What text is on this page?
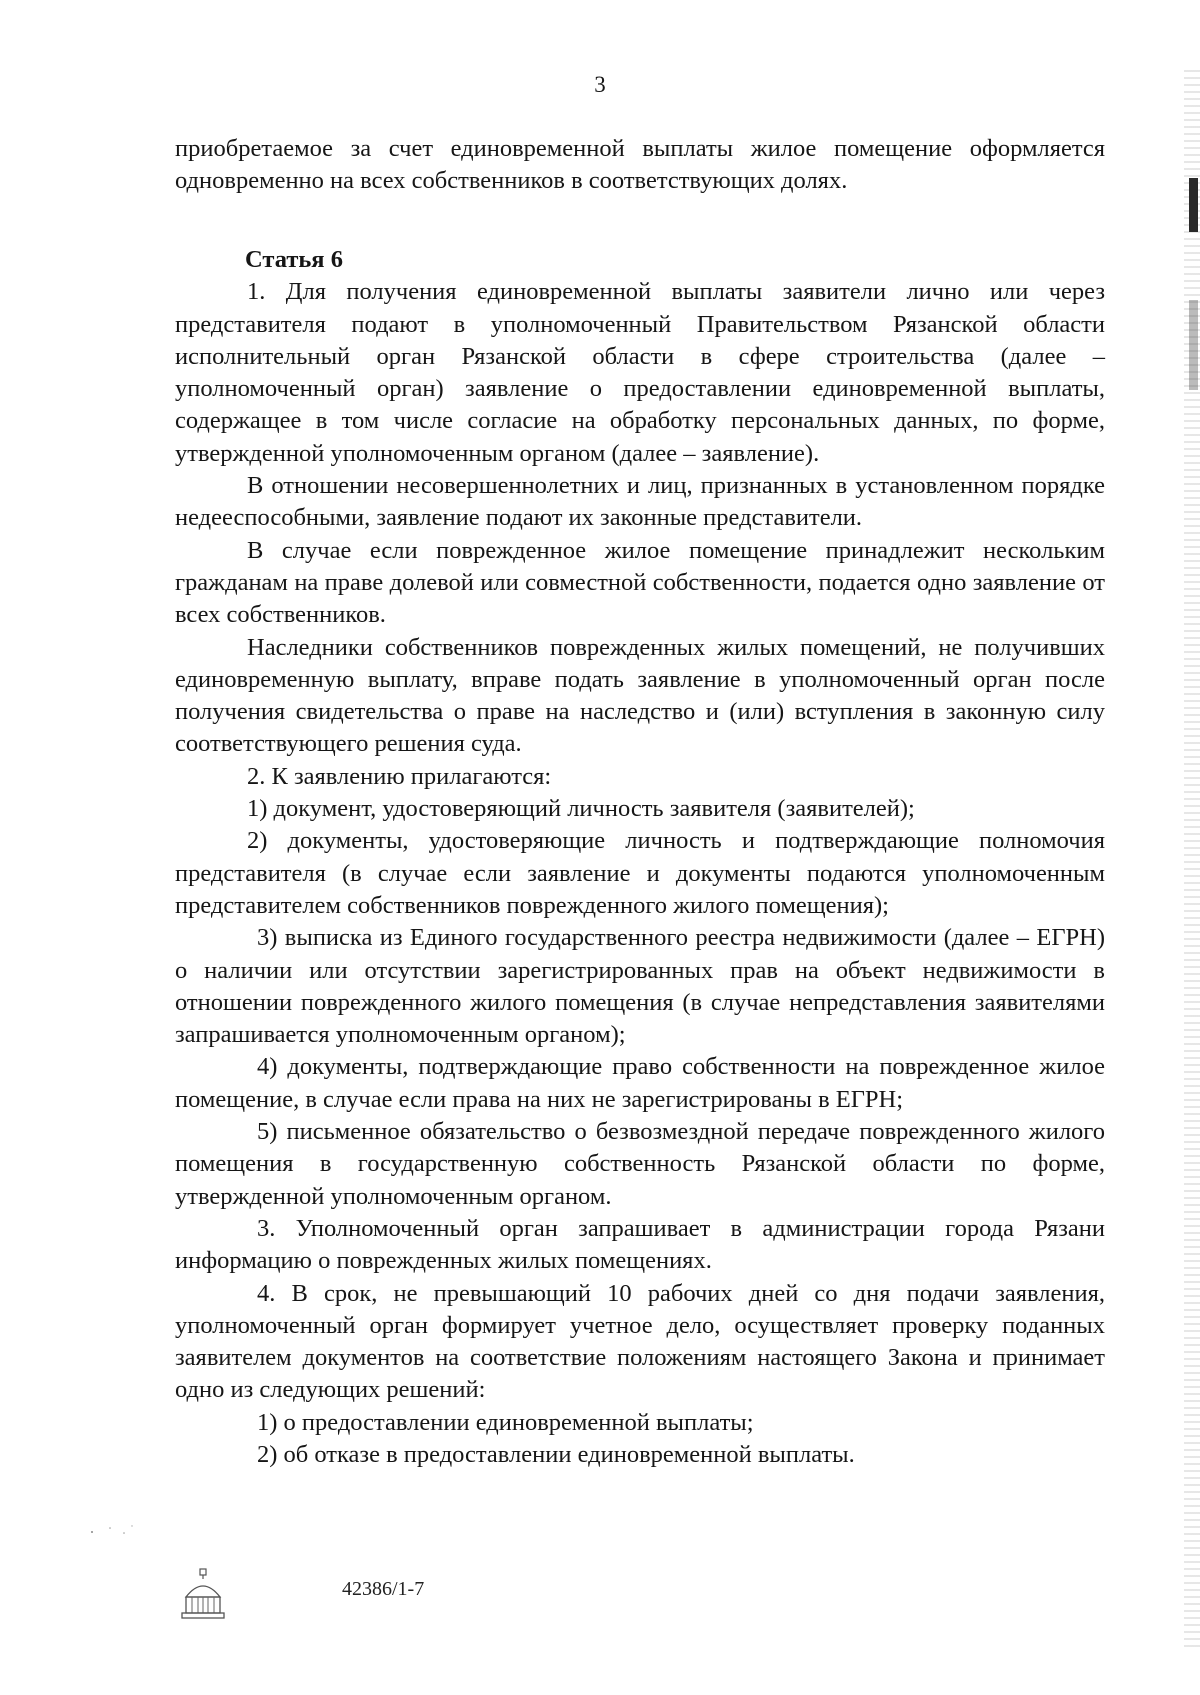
3

приобретаемое за счет единовременной выплаты жилое помещение оформляется одновременно на всех собственников в соответствующих долях.

Статья 6

1. Для получения единовременной выплаты заявители лично или через представителя подают в уполномоченный Правительством Рязанской области исполнительный орган Рязанской области в сфере строительства (далее – уполномоченный орган) заявление о предоставлении единовременной выплаты, содержащее в том числе согласие на обработку персональных данных, по форме, утвержденной уполномоченным органом (далее – заявление).

В отношении несовершеннолетних и лиц, признанных в установленном порядке недееспособными, заявление подают их законные представители.

В случае если поврежденное жилое помещение принадлежит нескольким гражданам на праве долевой или совместной собственности, подается одно заявление от всех собственников.

Наследники собственников поврежденных жилых помещений, не получивших единовременную выплату, вправе подать заявление в уполномоченный орган после получения свидетельства о праве на наследство и (или) вступления в законную силу соответствующего решения суда.

2. К заявлению прилагаются:

1) документ, удостоверяющий личность заявителя (заявителей);

2) документы, удостоверяющие личность и подтверждающие полномочия представителя (в случае если заявление и документы подаются уполномоченным представителем собственников поврежденного жилого помещения);

3) выписка из Единого государственного реестра недвижимости (далее – ЕГРН) о наличии или отсутствии зарегистрированных прав на объект недвижимости в отношении поврежденного жилого помещения (в случае непредставления заявителями запрашивается уполномоченным органом);

4) документы, подтверждающие право собственности на поврежденное жилое помещение, в случае если права на них не зарегистрированы в ЕГРН;

5) письменное обязательство о безвозмездной передаче поврежденного жилого помещения в государственную собственность Рязанской области по форме, утвержденной уполномоченным органом.

3. Уполномоченный орган запрашивает в администрации города Рязани информацию о поврежденных жилых помещениях.

4. В срок, не превышающий 10 рабочих дней со дня подачи заявления, уполномоченный орган формирует учетное дело, осуществляет проверку поданных заявителем документов на соответствие положениям настоящего Закона и принимает одно из следующих решений:

1) о предоставлении единовременной выплаты;

2) об отказе в предоставлении единовременной выплаты.

42386/1-7
